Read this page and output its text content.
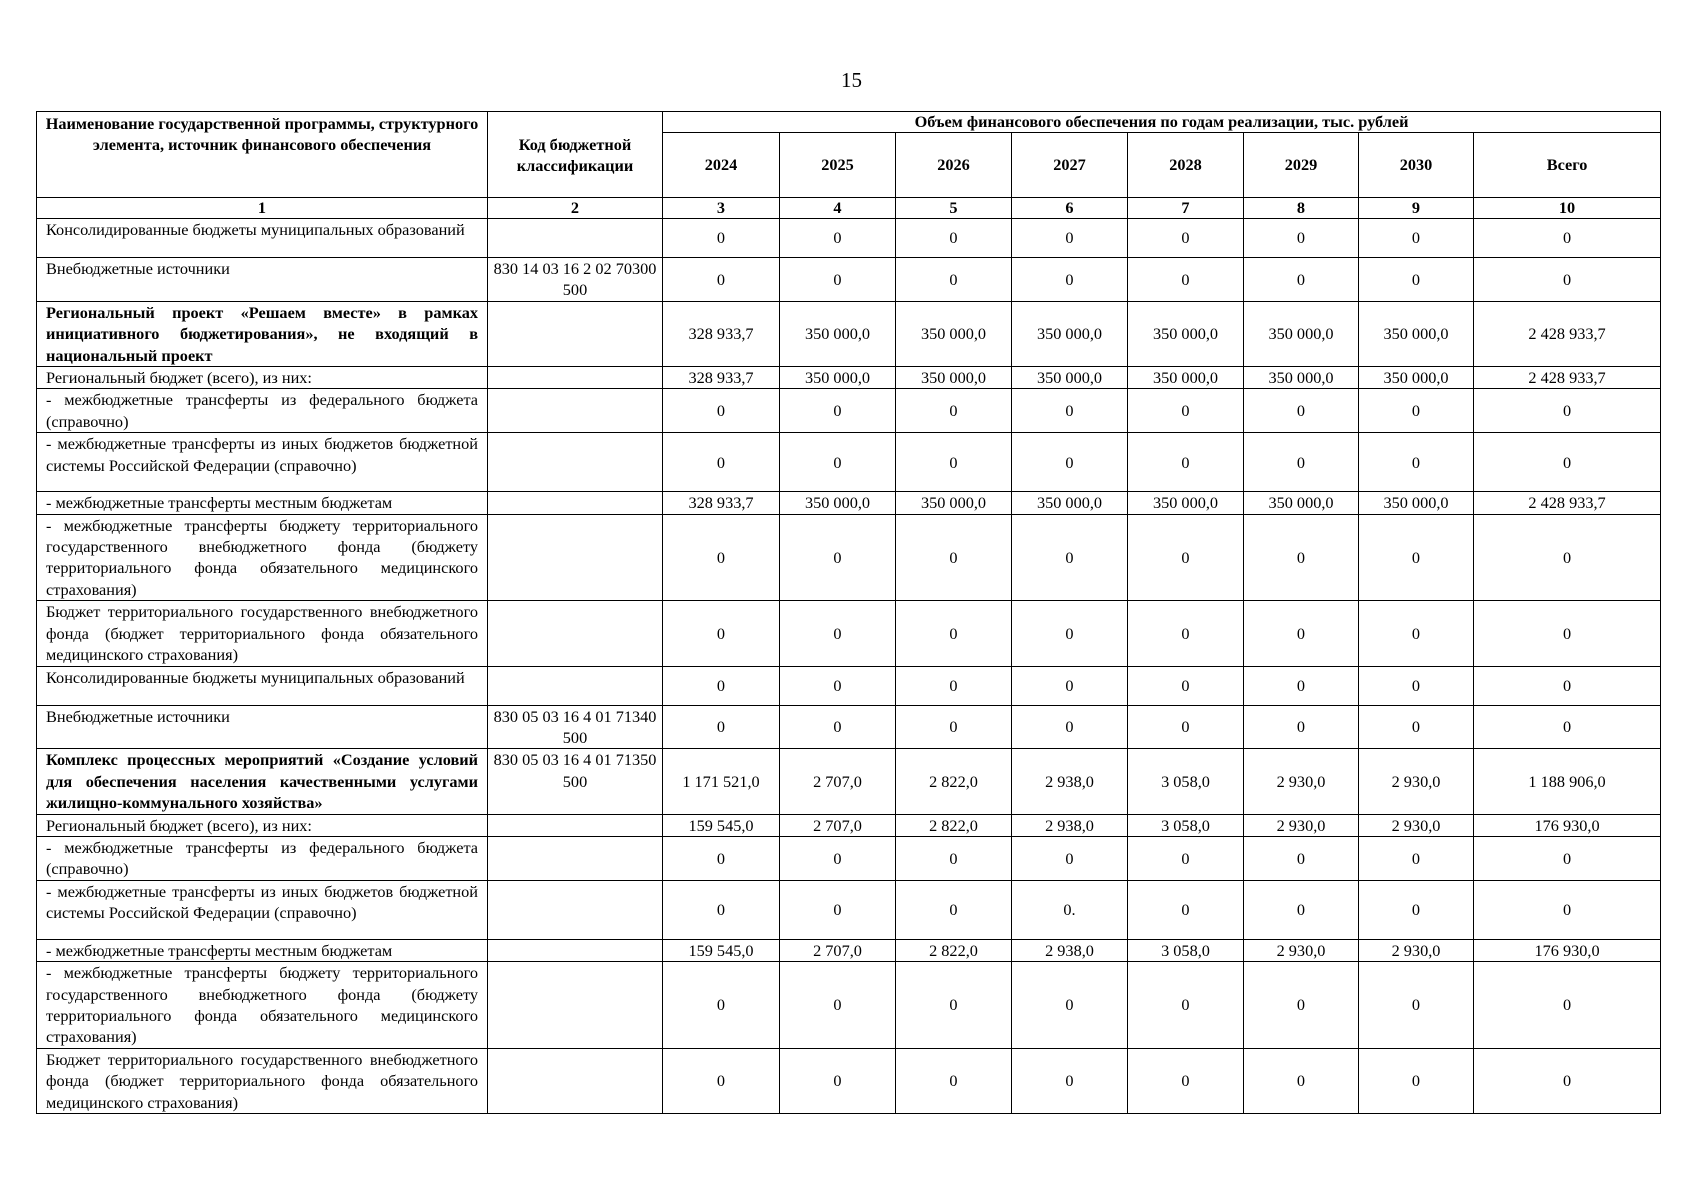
15
Наименование государственной программы, структурного элемента, источник финансового обеспечения	Код бюджетной классификации	Объем финансового обеспечения по годам реализации, тыс. рублей							
		2024	2025	2026	2027	2028	2029	2030	Всего
1	2	3	4	5	6	7	8	9	10
Консолидированные бюджеты муниципальных образований		0	0	0	0	0	0	0	0
Внебюджетные источники	830 14 03 16 2 02 70300 500	0	0	0	0	0	0	0	0
Региональный проект «Решаем вместе» в рамках инициативного бюджетирования», не входящий в национальный проект		328 933,7	350 000,0	350 000,0	350 000,0	350 000,0	350 000,0	350 000,0	2 428 933,7
Региональный бюджет (всего), из них:		328 933,7	350 000,0	350 000,0	350 000,0	350 000,0	350 000,0	350 000,0	2 428 933,7
- межбюджетные трансферты из федерального бюджета (справочно)		0	0	0	0	0	0	0	0
- межбюджетные трансферты из иных бюджетов бюджетной системы Российской Федерации (справочно)		0	0	0	0	0	0	0	0
- межбюджетные трансферты местным бюджетам		328 933,7	350 000,0	350 000,0	350 000,0	350 000,0	350 000,0	350 000,0	2 428 933,7
- межбюджетные трансферты бюджету территориального государственного внебюджетного фонда (бюджету территориального фонда обязательного медицинского страхования)		0	0	0	0	0	0	0	0
Бюджет территориального государственного внебюджетного фонда (бюджет территориального фонда обязательного медицинского страхования)		0	0	0	0	0	0	0	0
Консолидированные бюджеты муниципальных образований		0	0	0	0	0	0	0	0
Внебюджетные источники	830 05 03 16 4 01 71340 500	0	0	0	0	0	0	0	0
Комплекс процессных мероприятий «Создание условий для обеспечения населения качественными услугами жилищно-коммунального хозяйства»	830 05 03 16 4 01 71350 500	1 171 521,0	2 707,0	2 822,0	2 938,0	3 058,0	2 930,0	2 930,0	1 188 906,0
Региональный бюджет (всего), из них:		159 545,0	2 707,0	2 822,0	2 938,0	3 058,0	2 930,0	2 930,0	176 930,0
- межбюджетные трансферты из федерального бюджета (справочно)		0	0	0	0	0	0	0	0
- межбюджетные трансферты из иных бюджетов бюджетной системы Российской Федерации (справочно)		0	0	0	0.	0	0	0	0
- межбюджетные трансферты местным бюджетам		159 545,0	2 707,0	2 822,0	2 938,0	3 058,0	2 930,0	2 930,0	176 930,0
- межбюджетные трансферты бюджету территориального государственного внебюджетного фонда (бюджету территориального фонда обязательного медицинского страхования)		0	0	0	0	0	0	0	0
Бюджет территориального государственного внебюджетного фонда (бюджет территориального фонда обязательного медицинского страхования)		0	0	0	0	0	0	0	0
